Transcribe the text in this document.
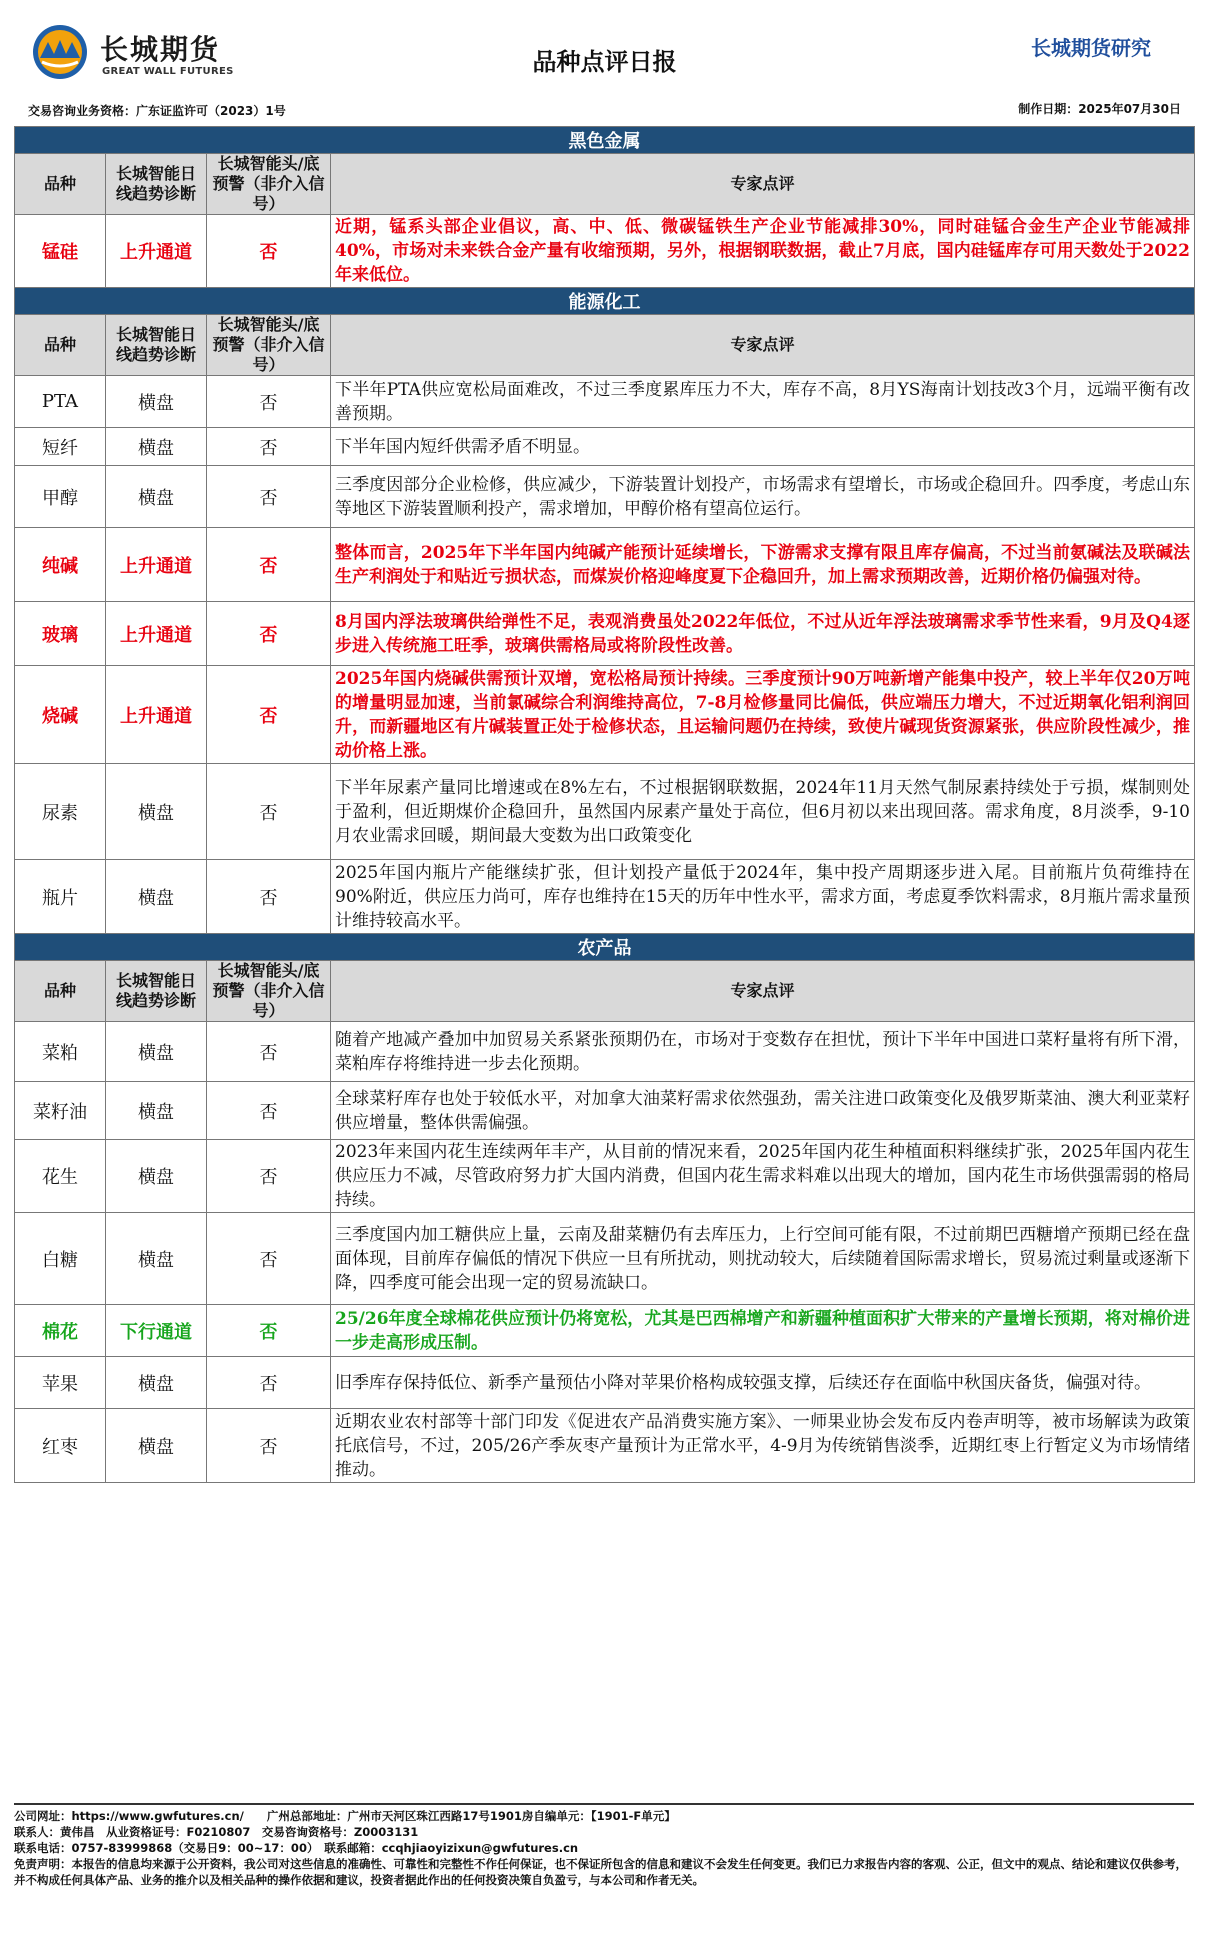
长城期货
GREAT WALL FUTURES	品种点评日报	长城期货研究
交易咨询业务资格：广东证监许可（2023）1号	制作日期：2025年07月30日
黑色金属			
品种	长城智能日线趋势诊断	长城智能头/底预警（非介入信号）	专家点评
锰硅	上升通道	否	近期，锰系头部企业倡议，高、中、低、微碳锰铁生产企业节能减排30%，同时硅锰合金生产企业节能减排40%，市场对未来铁合金产量有收缩预期，另外，根据钢联数据，截止7月底，国内硅锰库存可用天数处于2022年来低位。
能源化工			
品种	长城智能日线趋势诊断	长城智能头/底预警（非介入信号）	专家点评
PTA	横盘	否	下半年PTA供应宽松局面难改，不过三季度累库压力不大，库存不高，8月YS海南计划技改3个月，远端平衡有改善预期。
短纤	横盘	否	下半年国内短纤供需矛盾不明显。
甲醇	横盘	否	三季度因部分企业检修，供应减少，下游装置计划投产，市场需求有望增长，市场或企稳回升。四季度，考虑山东等地区下游装置顺利投产，需求增加，甲醇价格有望高位运行。
纯碱	上升通道	否	整体而言，2025年下半年国内纯碱产能预计延续增长，下游需求支撑有限且库存偏高，不过当前氨碱法及联碱法生产利润处于和贴近亏损状态，而煤炭价格迎峰度夏下企稳回升，加上需求预期改善，近期价格仍偏强对待。
玻璃	上升通道	否	8月国内浮法玻璃供给弹性不足，表观消费虽处2022年低位，不过从近年浮法玻璃需求季节性来看，9月及Q4逐步进入传统施工旺季，玻璃供需格局或将阶段性改善。
烧碱	上升通道	否	2025年国内烧碱供需预计双增，宽松格局预计持续。三季度预计90万吨新增产能集中投产，较上半年仅20万吨的增量明显加速，当前氯碱综合利润维持高位，7-8月检修量同比偏低，供应端压力增大，不过近期氧化铝利润回升，而新疆地区有片碱装置正处于检修状态，且运输问题仍在持续，致使片碱现货资源紧张，供应阶段性减少，推动价格上涨。
尿素	横盘	否	下半年尿素产量同比增速或在8%左右，不过根据钢联数据，2024年11月天然气制尿素持续处于亏损，煤制则处于盈利，但近期煤价企稳回升，虽然国内尿素产量处于高位，但6月初以来出现回落。需求角度，8月淡季，9-10月农业需求回暖，期间最大变数为出口政策变化
瓶片	横盘	否	2025年国内瓶片产能继续扩张，但计划投产量低于2024年，集中投产周期逐步进入尾。目前瓶片负荷维持在90%附近，供应压力尚可，库存也维持在15天的历年中性水平，需求方面，考虑夏季饮料需求，8月瓶片需求量预计维持较高水平。
农产品			
品种	长城智能日线趋势诊断	长城智能头/底预警（非介入信号）	专家点评
菜粕	横盘	否	随着产地减产叠加中加贸易关系紧张预期仍在，市场对于变数存在担忧，预计下半年中国进口菜籽量将有所下滑，菜粕库存将维持进一步去化预期。
菜籽油	横盘	否	全球菜籽库存也处于较低水平，对加拿大油菜籽需求依然强劲，需关注进口政策变化及俄罗斯菜油、澳大利亚菜籽供应增量，整体供需偏强。
花生	横盘	否	2023年来国内花生连续两年丰产，从目前的情况来看，2025年国内花生种植面积料继续扩张，2025年国内花生供应压力不减，尽管政府努力扩大国内消费，但国内花生需求料难以出现大的增加，国内花生市场供强需弱的格局持续。
白糖	横盘	否	三季度国内加工糖供应上量，云南及甜菜糖仍有去库压力，上行空间可能有限，不过前期巴西糖增产预期已经在盘面体现，目前库存偏低的情况下供应一旦有所扰动，则扰动较大，后续随着国际需求增长，贸易流过剩量或逐渐下降，四季度可能会出现一定的贸易流缺口。
棉花	下行通道	否	25/26年度全球棉花供应预计仍将宽松，尤其是巴西棉增产和新疆种植面积扩大带来的产量增长预期，将对棉价进一步走高形成压制。
苹果	横盘	否	旧季库存保持低位、新季产量预估小降对苹果价格构成较强支撑，后续还存在面临中秋国庆备货，偏强对待。
红枣	横盘	否	近期农业农村部等十部门印发《促进农产品消费实施方案》、一师果业协会发布反内卷声明等，被市场解读为政策托底信号，不过，205/26产季灰枣产量预计为正常水平，4-9月为传统销售淡季，近期红枣上行暂定义为市场情绪推动。
公司网址：https://www.gwfutures.cn/　　广州总部地址：广州市天河区珠江西路17号1901房自编单元：【1901-F单元】
联系人：黄伟昌　从业资格证号：F0210807　交易咨询资格号：Z0003131
联系电话：0757-83999868（交易日9：00~17：00）　联系邮箱：ccqhjiaoyizixun@gwfutures.cn
免责声明：本报告的信息均来源于公开资料，我公司对这些信息的准确性、可靠性和完整性不作任何保证，也不保证所包含的信息和建议不会发生任何变更。我们已力求报告内容的客观、公正，但文中的观点、结论和建议仅供参考，并不构成任何具体产品、业务的推介以及相关品种的操作依据和建议，投资者据此作出的任何投资决策自负盈亏，与本公司和作者无关。
